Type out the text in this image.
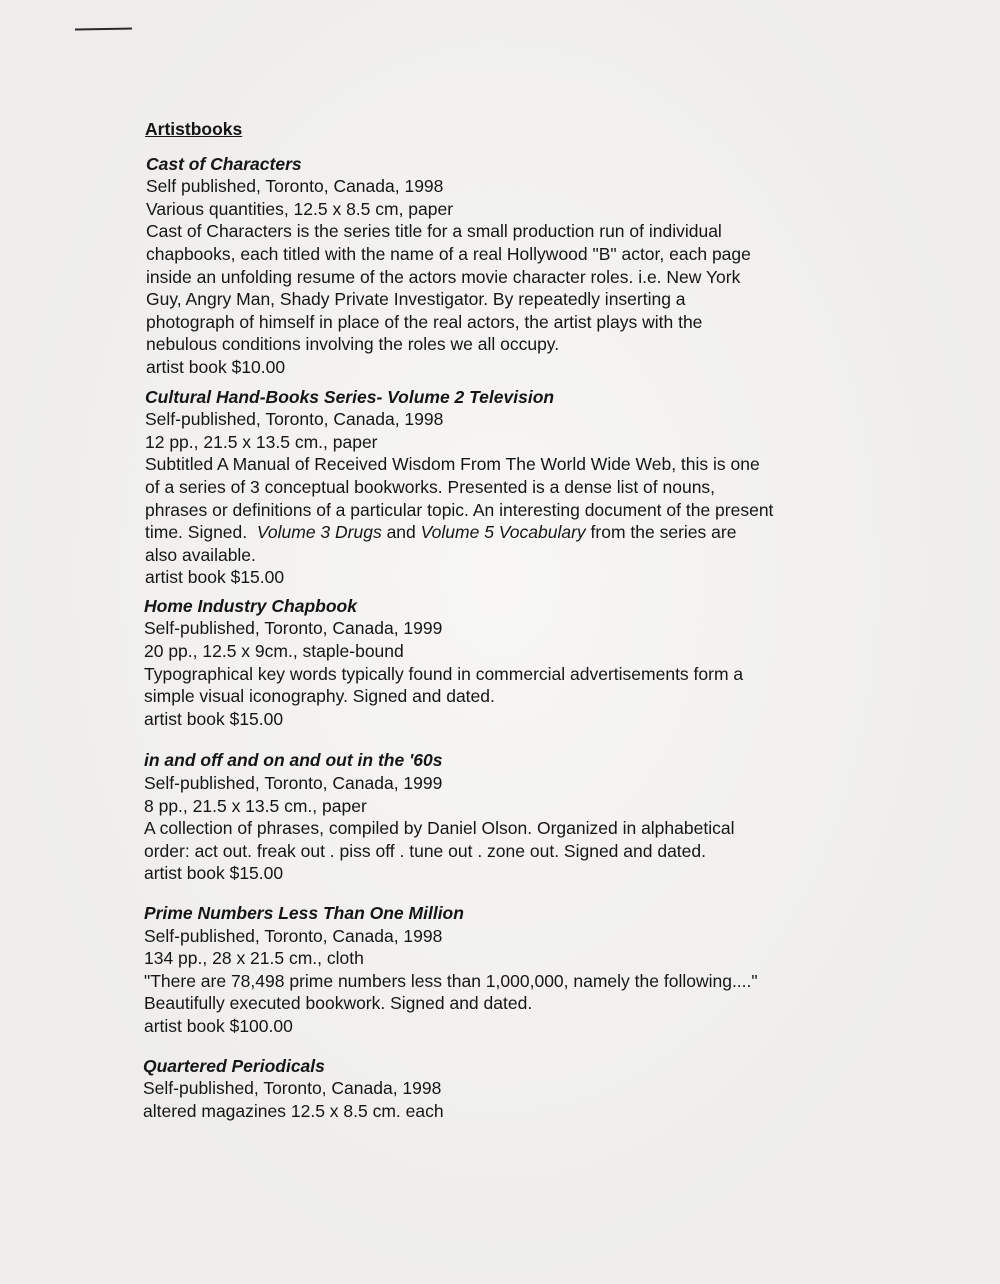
Artistbooks
Cast of Characters
Self published, Toronto, Canada, 1998
Various quantities, 12.5 x 8.5 cm, paper
Cast of Characters is the series title for a small production run of individual
chapbooks, each titled with the name of a real Hollywood "B" actor, each page
inside an unfolding resume of the actors movie character roles. i.e. New York
Guy, Angry Man, Shady Private Investigator. By repeatedly inserting a
photograph of himself in place of the real actors, the artist plays with the
nebulous conditions involving the roles we all occupy.
artist book $10.00
Cultural Hand-Books Series- Volume 2 Television
Self-published, Toronto, Canada, 1998
12 pp., 21.5 x 13.5 cm., paper
Subtitled A Manual of Received Wisdom From The World Wide Web, this is one
of a series of 3 conceptual bookworks. Presented is a dense list of nouns,
phrases or definitions of a particular topic. An interesting document of the present
time. Signed.  Volume 3 Drugs and Volume 5 Vocabulary from the series are
also available.
artist book $15.00
Home Industry Chapbook
Self-published, Toronto, Canada, 1999
20 pp., 12.5 x 9cm., staple-bound
Typographical key words typically found in commercial advertisements form a
simple visual iconography. Signed and dated.
artist book $15.00
in and off and on and out in the '60s
Self-published, Toronto, Canada, 1999
8 pp., 21.5 x 13.5 cm., paper
A collection of phrases, compiled by Daniel Olson. Organized in alphabetical
order: act out. freak out . piss off . tune out . zone out. Signed and dated.
artist book $15.00
Prime Numbers Less Than One Million
Self-published, Toronto, Canada, 1998
134 pp., 28 x 21.5 cm., cloth
"There are 78,498 prime numbers less than 1,000,000, namely the following...."
Beautifully executed bookwork. Signed and dated.
artist book $100.00
Quartered Periodicals
Self-published, Toronto, Canada, 1998
altered magazines 12.5 x 8.5 cm. each
